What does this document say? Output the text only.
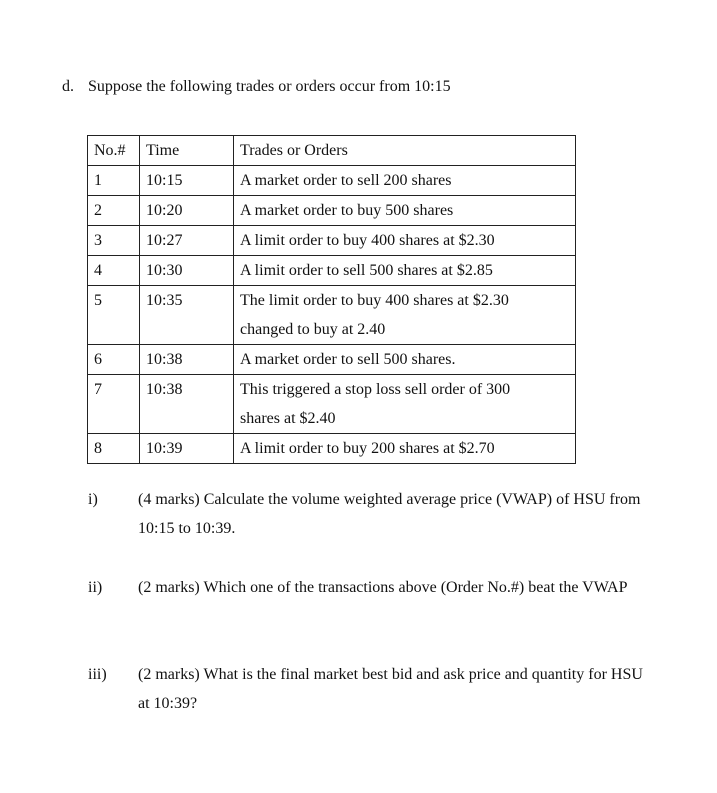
d. Suppose the following trades or orders occur from 10:15
No.#	Time	Trades or Orders
1	10:15	A market order to sell 200 shares

2	10:20	A market order to buy 500 shares

3	10:27	A limit order to buy 400 shares at $2.30

4	10:30	A limit order to sell 500 shares at $2.85

5	10:35	The limit order to buy 400 shares at $2.30
changed to buy at 2.40

6	10:38	A market order to sell 500 shares.

7	10:38	This triggered a stop loss sell order of 300
shares at $2.40

8	10:39	A limit order to buy 200 shares at $2.70
i)	(4 marks) Calculate the volume weighted average price (VWAP) of HSU from
10:15 to 10:39.
ii)	(2 marks) Which one of the transactions above (Order No.#) beat the VWAP
iii)	(2 marks) What is the final market best bid and ask price and quantity for HSU
at 10:39?
